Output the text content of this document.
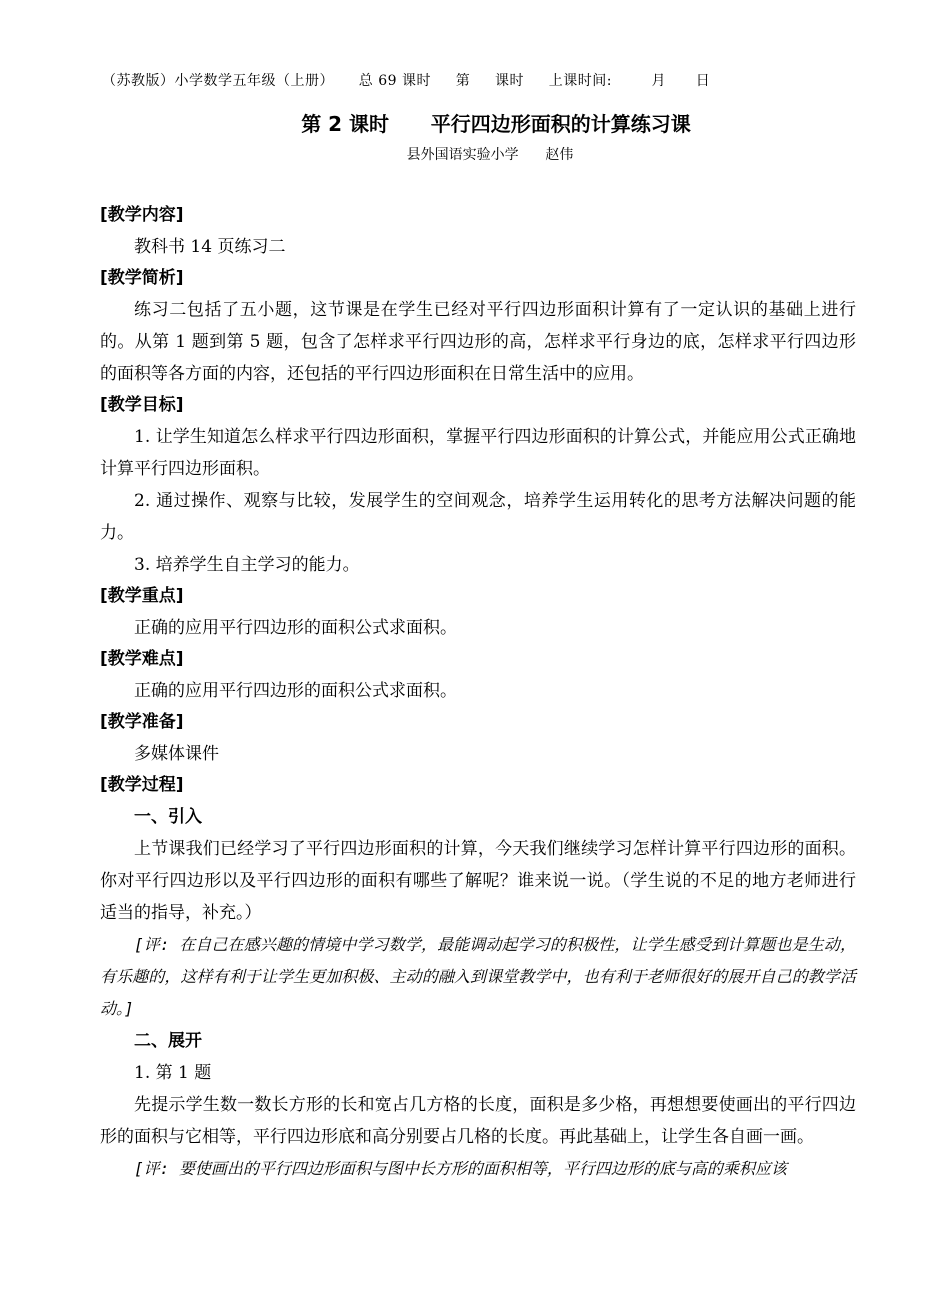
（苏教版）小学数学五年级（上册）     总 69 课时     第     课时     上课时间:        月      日
第 2 课时      平行四边形面积的计算练习课
县外国语实验小学      赵伟

[教学内容]

教科书 14 页练习二

[教学简析]

练习二包括了五小题，这节课是在学生已经对平行四边形面积计算有了一定认识的基础上进行的。从第 1 题到第 5 题，包含了怎样求平行四边形的高，怎样求平行身边的底，怎样求平行四边形的面积等各方面的内容，还包括的平行四边形面积在日常生活中的应用。

[教学目标]

1. 让学生知道怎么样求平行四边形面积，掌握平行四边形面积的计算公式，并能应用公式正确地计算平行四边形面积。

2. 通过操作、观察与比较，发展学生的空间观念，培养学生运用转化的思考方法解决问题的能力。

3. 培养学生自主学习的能力。

[教学重点]

正确的应用平行四边形的面积公式求面积。

[教学难点]

正确的应用平行四边形的面积公式求面积。

[教学准备]

多媒体课件

[教学过程]

一、引入

上节课我们已经学习了平行四边形面积的计算，今天我们继续学习怎样计算平行四边形的面积。你对平行四边形以及平行四边形的面积有哪些了解呢？谁来说一说。（学生说的不足的地方老师进行适当的指导，补充。）

[评: 在自己在感兴趣的情境中学习数学，最能调动起学习的积极性，让学生感受到计算题也是生动，有乐趣的，这样有利于让学生更加积极、主动的融入到课堂教学中，也有利于老师很好的展开自己的教学活动。]

二、展开

1. 第 1 题

先提示学生数一数长方形的长和宽占几方格的长度，面积是多少格，再想想要使画出的平行四边形的面积与它相等，平行四边形底和高分别要占几格的长度。再此基础上，让学生各自画一画。

[评: 要使画出的平行四边形面积与图中长方形的面积相等，平行四边形的底与高的乘积应该
